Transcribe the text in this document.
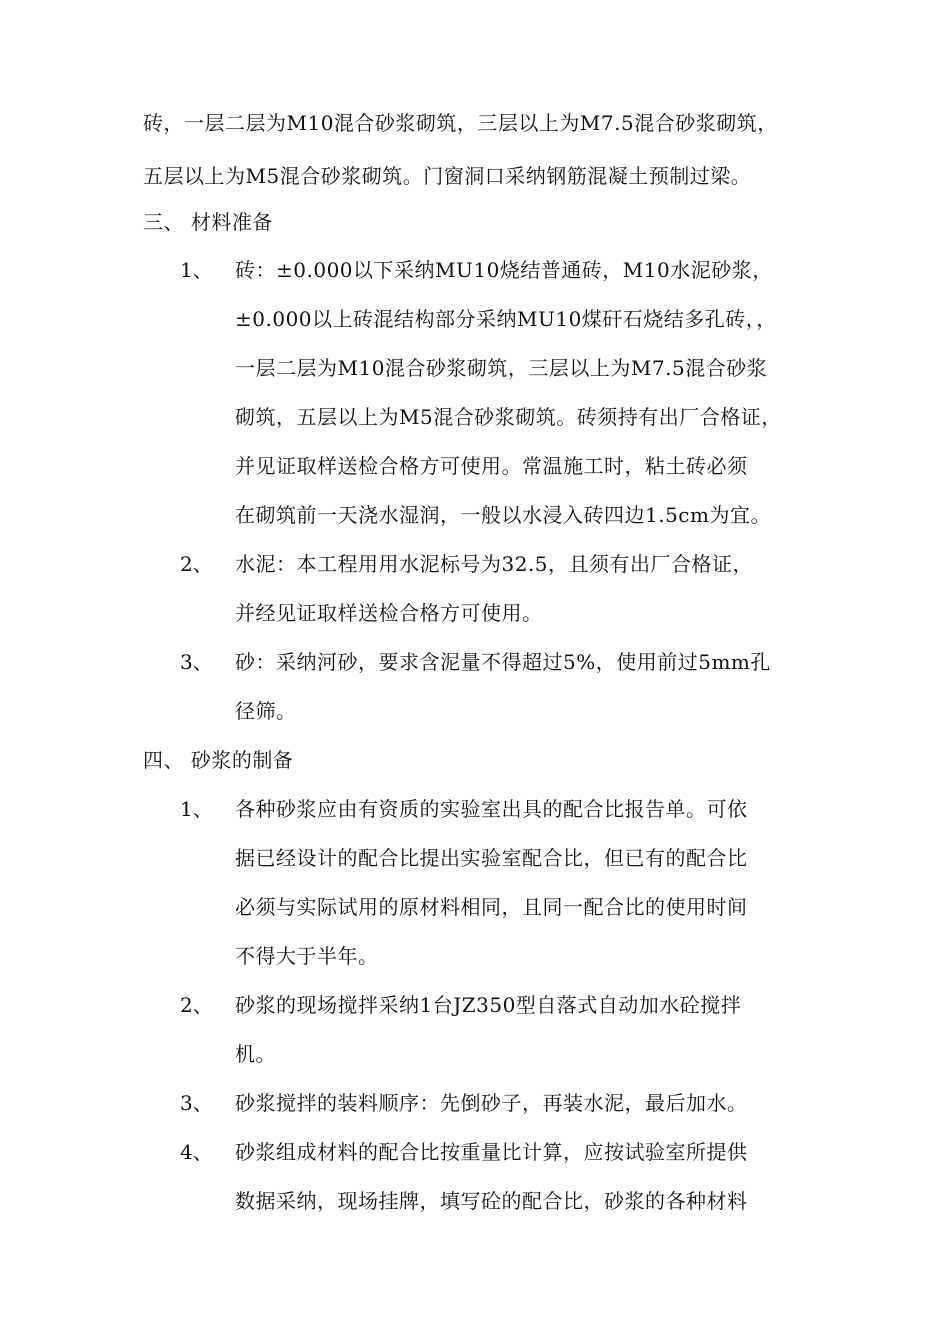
砖，一层二层为M10混合砂浆砌筑，三层以上为M7.5混合砂浆砌筑，
五层以上为M5混合砂浆砌筑。门窗洞口采纳钢筋混凝土预制过梁。
三、 材料准备
1、 砖：±0.000以下采纳MU10烧结普通砖，M10水泥砂浆，
±0.000以上砖混结构部分采纳MU10煤矸石烧结多孔砖，，
一层二层为M10混合砂浆砌筑，三层以上为M7.5混合砂浆
砌筑，五层以上为M5混合砂浆砌筑。砖须持有出厂合格证，
并见证取样送检合格方可使用。常温施工时，粘土砖必须
在砌筑前一天浇水湿润，一般以水浸入砖四边1.5cm为宜。
2、 水泥：本工程用用水泥标号为32.5，且须有出厂合格证，
并经见证取样送检合格方可使用。
3、 砂：采纳河砂，要求含泥量不得超过5%，使用前过5mm孔
径筛。
四、 砂浆的制备
1、 各种砂浆应由有资质的实验室出具的配合比报告单。可依
据已经设计的配合比提出实验室配合比，但已有的配合比
必须与实际试用的原材料相同，且同一配合比的使用时间
不得大于半年。
2、 砂浆的现场搅拌采纳1台JZ350型自落式自动加水砼搅拌
机。
3、 砂浆搅拌的装料顺序：先倒砂子，再装水泥，最后加水。
4、 砂浆组成材料的配合比按重量比计算，应按试验室所提供
数据采纳，现场挂牌，填写砼的配合比，砂浆的各种材料
